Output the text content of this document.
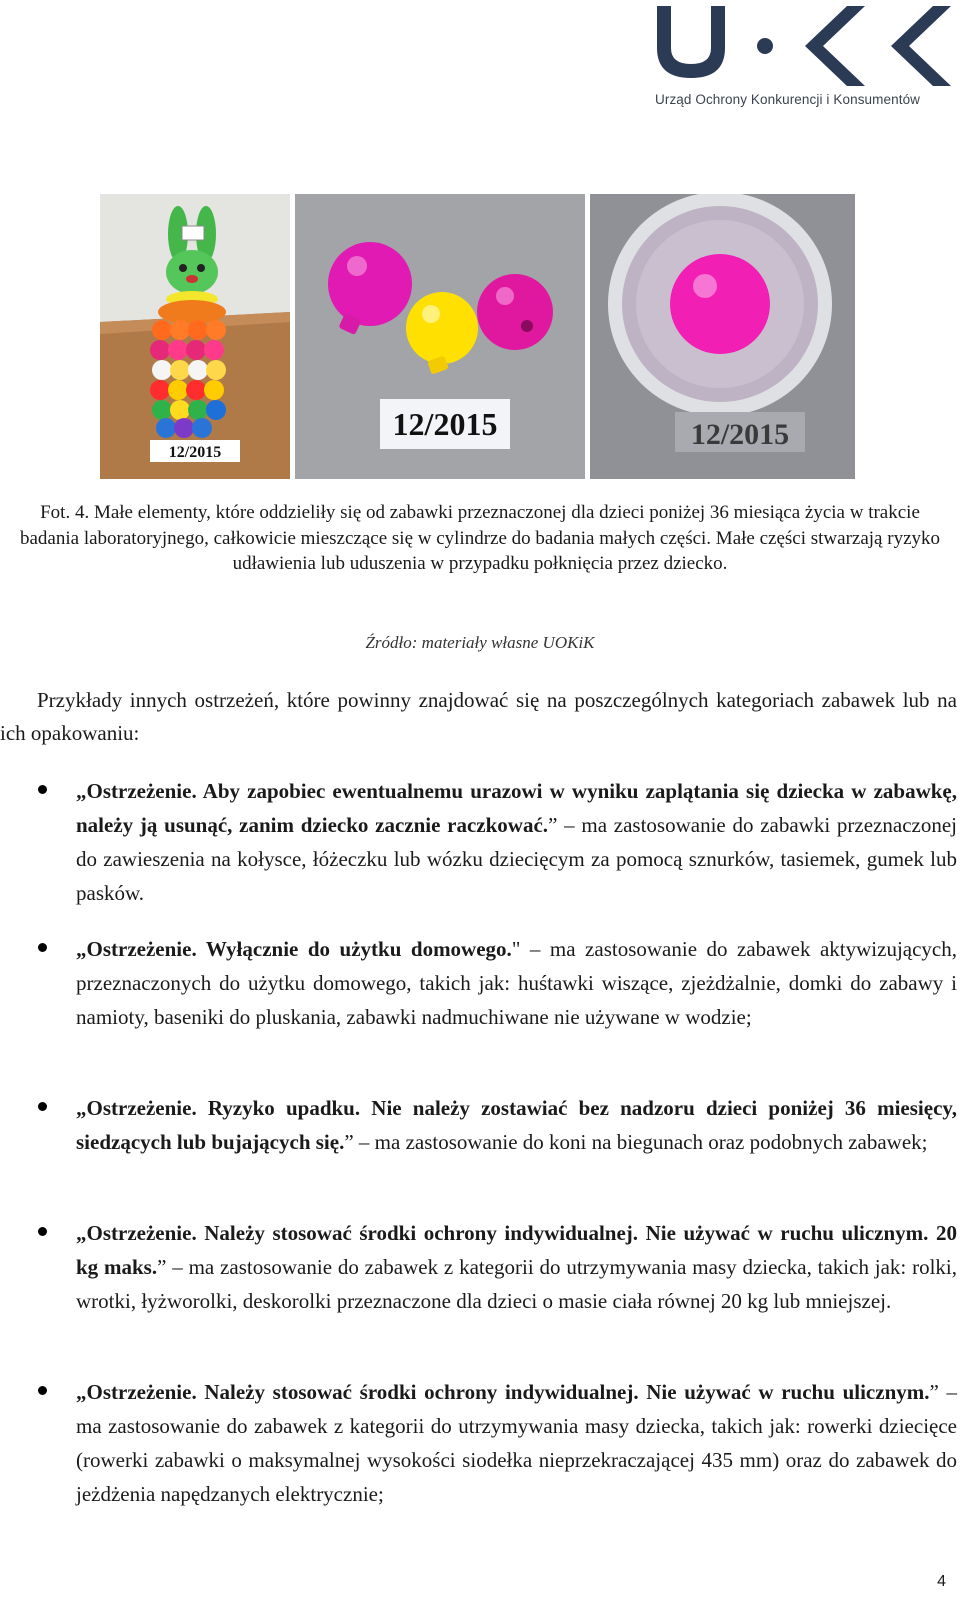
Urząd Ochrony Konkurencji i Konsumentów
12/2015
12/2015	12/2015

Fot. 4. Małe elementy, które oddzieliły się od zabawki przeznaczonej dla dzieci poniżej 36 miesiąca życia w trakcie badania laboratoryjnego, całkowicie mieszczące się w cylindrze do badania małych części. Małe części stwarzają ryzyko udławienia lub uduszenia w przypadku połknięcia przez dziecko.

Źródło: materiały własne UOKiK

Przykłady innych ostrzeżeń, które powinny znajdować się na poszczególnych kategoriach zabawek lub na ich opakowaniu:

„Ostrzeżenie. Aby zapobiec ewentualnemu urazowi w wyniku zaplątania się dziecka w zabawkę, należy ją usunąć, zanim dziecko zacznie raczkować.” – ma zastosowanie do zabawki przeznaczonej do zawieszenia na kołysce, łóżeczku lub wózku dziecięcym za pomocą sznurków, tasiemek, gumek lub pasków.

„Ostrzeżenie. Wyłącznie do użytku domowego." – ma zastosowanie do zabawek aktywizujących, przeznaczonych do użytku domowego, takich jak: huśtawki wiszące, zjeżdżalnie, domki do zabawy i namioty, baseniki do pluskania, zabawki nadmuchiwane nie używane w wodzie;

„Ostrzeżenie. Ryzyko upadku. Nie należy zostawiać bez nadzoru dzieci poniżej 36 miesięcy, siedzących lub bujających się.” – ma zastosowanie do koni na biegunach oraz podobnych zabawek;

„Ostrzeżenie. Należy stosować środki ochrony indywidualnej. Nie używać w ruchu ulicznym. 20 kg maks.” – ma zastosowanie do zabawek z kategorii do utrzymywania masy dziecka, takich jak: rolki, wrotki, łyżworolki, deskorolki przeznaczone dla dzieci o masie ciała równej 20 kg lub mniejszej.

„Ostrzeżenie. Należy stosować środki ochrony indywidualnej. Nie używać w ruchu ulicznym.” – ma zastosowanie do zabawek z kategorii do utrzymywania masy dziecka, takich jak: rowerki dziecięce (rowerki zabawki o maksymalnej wysokości siodełka nieprzekraczającej 435 mm) oraz do zabawek do jeżdżenia napędzanych elektrycznie;

4
